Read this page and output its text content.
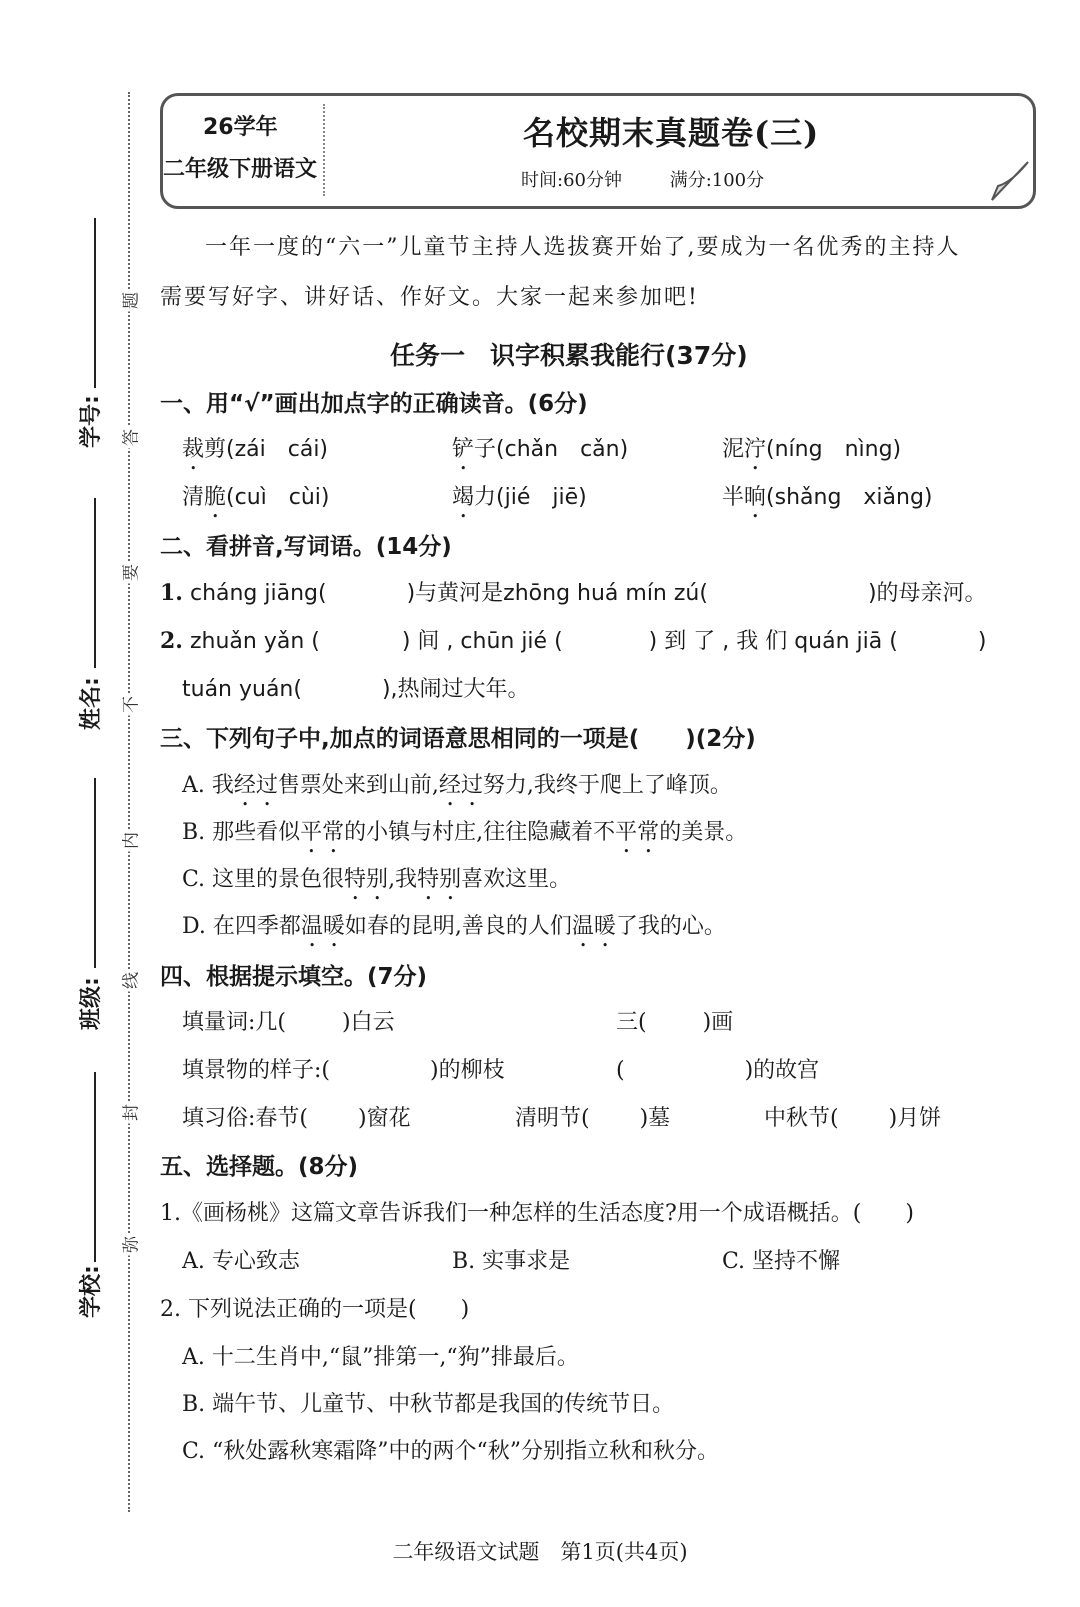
学号:
姓名:
班级:
学校:
题
答
要
不
内
线
封
弥
26学年
二年级下册语文
名校期末真题卷(三)
时间:60分钟	满分:100分
一年一度的“六一”儿童节主持人选拔赛开始了,要成为一名优秀的主持人
需要写好字、讲好话、作好文。大家一起来参加吧!
任务一　识字积累我能行(37分)
一、用“√”画出加点字的正确读音。(6分)
裁剪(zái　cái)	铲子(chǎn　cǎn)	泥泞(níng　nìng)
清脆(cuì　cùi)	竭力(jié　jiē)	半晌(shǎng　xiǎng)
二、看拼音,写词语。(14分)
1. cháng jiāng(	)与黄河是zhōng huá mín zú(	)的母亲河。
2. zhuǎn yǎn (	) 间 , chūn jié (	) 到 了 , 我 们 quán jiā (	)
tuán yuán(	),热闹过大年。
三、下列句子中,加点的词语意思相同的一项是(　　)(2分)
A. 我经过售票处来到山前,经过努力,我终于爬上了峰顶。
B. 那些看似平常的小镇与村庄,往往隐藏着不平常的美景。
C. 这里的景色很特别,我特别喜欢这里。
D. 在四季都温暖如春的昆明,善良的人们温暖了我的心。
四、根据提示填空。(7分)
填量词:几(	)白云	三(	)画
填景物的样子:(	)的柳枝	(	)的故宫
填习俗:春节( )窗花	清明节( )墓	中秋节( )月饼
五、选择题。(8分)
1.《画杨桃》这篇文章告诉我们一种怎样的生活态度?用一个成语概括。(　　)
A. 专心致志	B. 实事求是	C. 坚持不懈
2. 下列说法正确的一项是(　　)
A. 十二生肖中,“鼠”排第一,“狗”排最后。
B. 端午节、儿童节、中秋节都是我国的传统节日。
C. “秋处露秋寒霜降”中的两个“秋”分别指立秋和秋分。
二年级语文试题　第1页(共4页)
